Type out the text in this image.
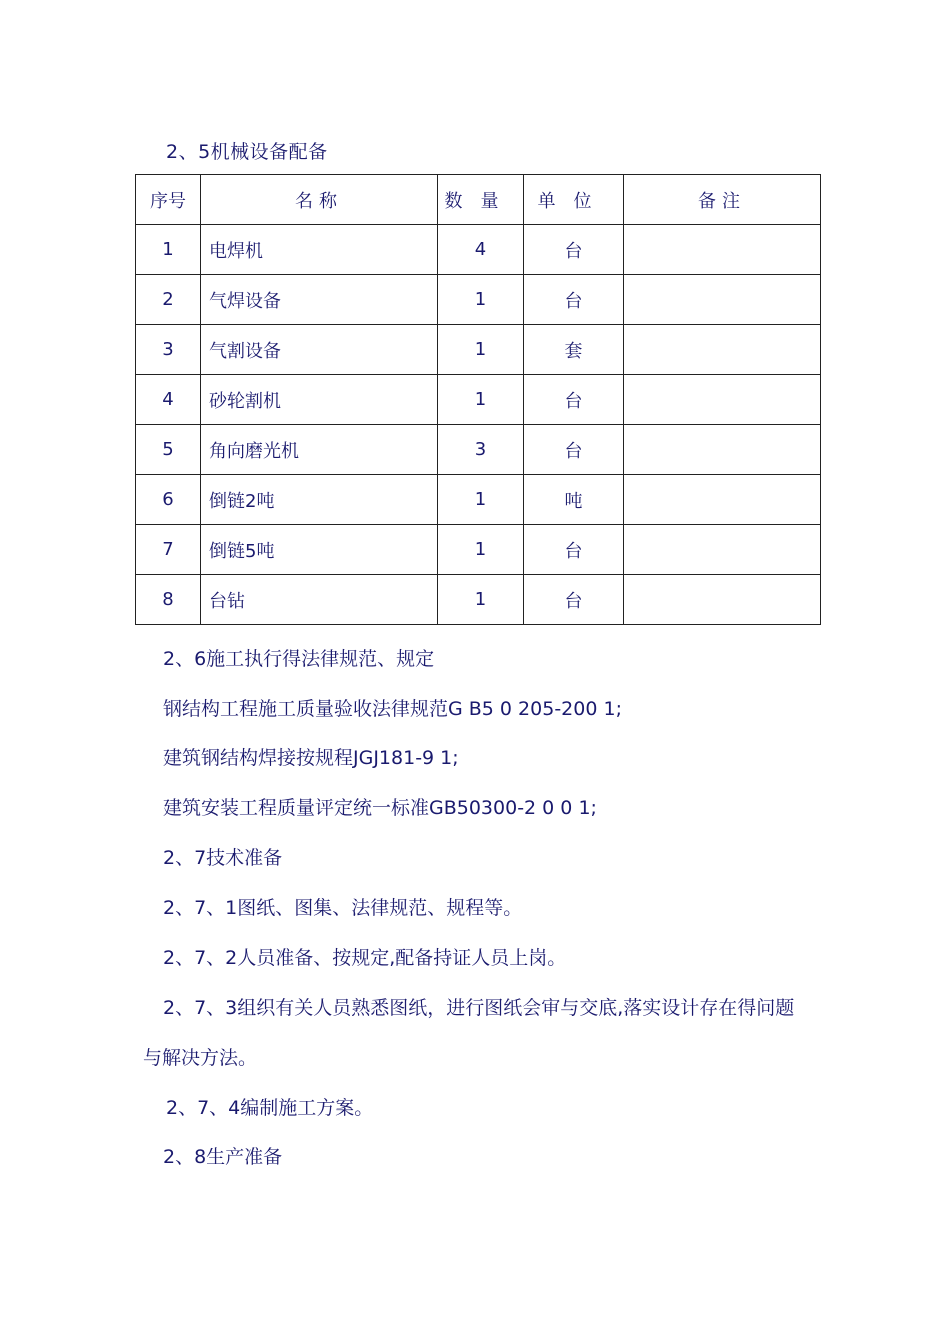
2、5机械设备配备
序号	名称	数量	单位	备注
1	电焊机	4	台	
2	气焊设备	1	台	
3	气割设备	1	套	
4	砂轮割机	1	台	
5	角向磨光机	3	台	
6	倒链2吨	1	吨	
7	倒链5吨	1	台	
8	台钻	1	台	
2、6施工执行得法律规范、规定
钢结构工程施工质量验收法律规范G B5 0 205-200 1;
建筑钢结构焊接按规程JGJ181-9 1;
建筑安装工程质量评定统一标准GB50300-2 0 0 1;
2、7技术准备
2、7、1图纸、图集、法律规范、规程等。
2、7、2人员准备、按规定,配备持证人员上岗。
2、7、3组织有关人员熟悉图纸，进行图纸会审与交底,落实设计存在得问题
与解决方法。
2、7、4编制施工方案。
2、8生产准备
